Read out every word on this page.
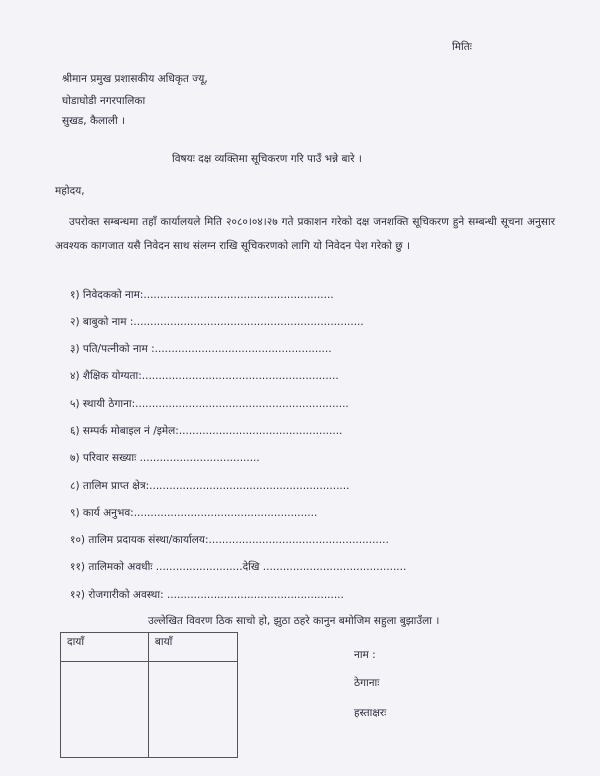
मितिः
श्रीमान प्रमुख प्रशासकीय अधिकृत ज्यू,
घोडाघोडी नगरपालिका
सुखड, कैलाली ।
विषयः दक्ष व्यक्तिमा सूचिकरण गरि पाउँ भन्ने बारे ।
महोदय,
उपरोक्त सम्बन्धमा तहाँ कार्यालयले मिति २०८०।०४।२७ गते प्रकाशन गरेको दक्ष जनशक्ति सूचिकरण हुने सम्बन्धी सूचना अनुसार अवश्यक कागजात यसै निवेदन साथ संलग्न राखि सूचिकरणको लागि यो निवेदन पेश गरेको छु ।
१) निवेदकको नाम:.........................................................
२) बाबुको नाम :.....................................................................
३) पति/पत्नीको नाम :.....................................................
४) शैक्षिक योग्यता:...........................................................
५) स्थायी ठेगाना:................................................................
६) सम्पर्क मोबाइल नं /इमेल:.................................................
७) परिवार सख्याः ....................................
८) तालिम प्राप्त क्षेत्र:............................................................
९) कार्य अनुभव:.......................................................
१०) तालिम प्रदायक संस्था/कार्यालय:......................................................
११) तालिमको अवधीः ..........................देखि ...........................................
१२) रोजगारीको अवस्था: .....................................................
उल्लेखित विवरण ठिक साचो हो, झुठा ठहरे कानुन बमोजिम सहुला बुझाउँला ।
दायाँ	बायाँ

नाम :
ठेगानाः
हस्ताक्षरः
